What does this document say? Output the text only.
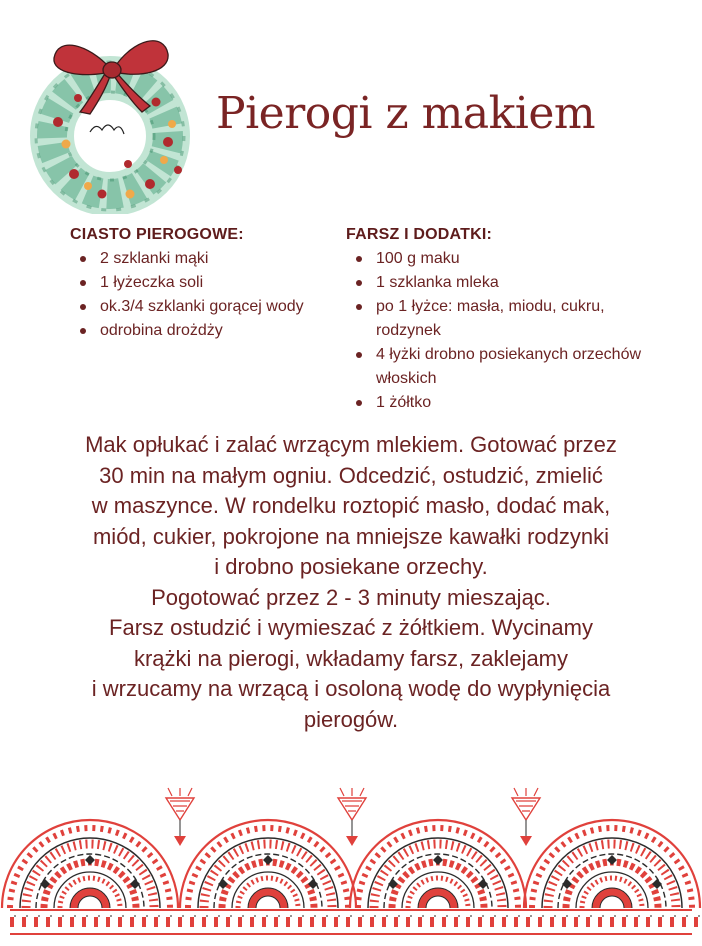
Pierogi z makiem
CIASTO PIEROGOWE:
2 szklanki mąki
1 łyżeczka soli
ok.3/4 szklanki gorącej wody
odrobina drożdży
FARSZ I DODATKI:
100 g maku
1 szklanka mleka
po 1 łyżce: masła, miodu, cukru, rodzynek
4 łyżki drobno posiekanych orzechów włoskich
1 żółtko

Mak opłukać i zalać wrzącym mlekiem. Gotować przez

30 min na małym ogniu. Odcedzić, ostudzić, zmielić

w maszynce. W rondelku roztopić masło, dodać mak,

miód, cukier, pokrojone na mniejsze kawałki rodzynki

i drobno posiekane orzechy.

Pogotować przez 2 - 3 minuty mieszając.

Farsz ostudzić i wymieszać z żółtkiem. Wycinamy

krążki na pierogi, wkładamy farsz, zaklejamy

i wrzucamy na wrzącą i osoloną wodę do wypłynięcia

pierogów.
